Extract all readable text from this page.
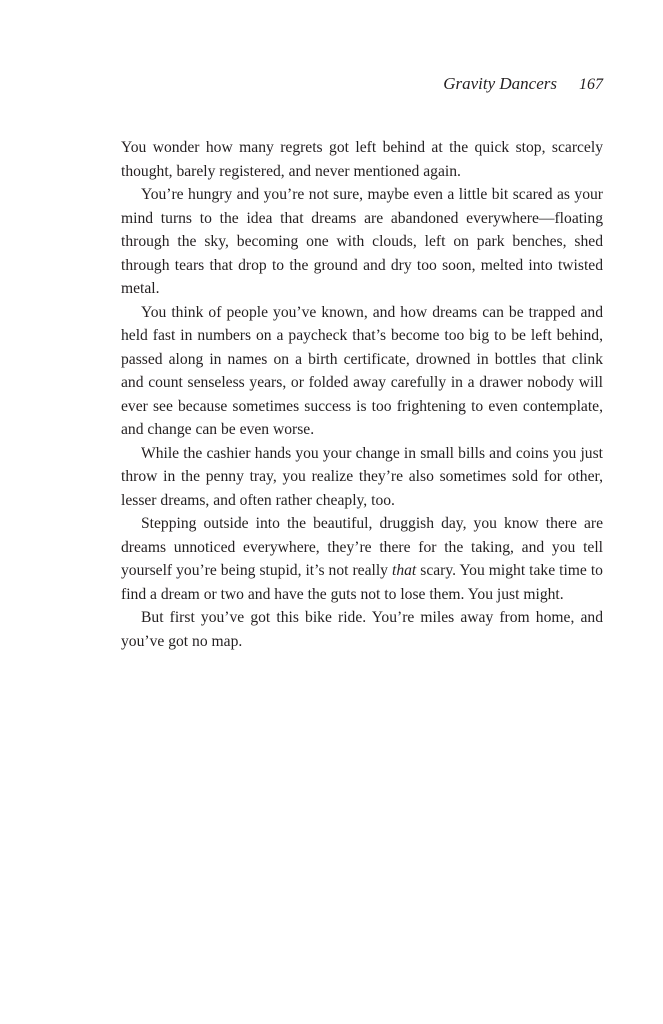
Gravity Dancers 167

You wonder how many regrets got left behind at the quick stop, scarcely thought, barely registered, and never mentioned again.

You’re hungry and you’re not sure, maybe even a little bit scared as your mind turns to the idea that dreams are abandoned everywhere—floating through the sky, becoming one with clouds, left on park benches, shed through tears that drop to the ground and dry too soon, melted into twisted metal.

You think of people you’ve known, and how dreams can be trapped and held fast in numbers on a paycheck that’s become too big to be left behind, passed along in names on a birth certificate, drowned in bottles that clink and count senseless years, or folded away carefully in a drawer nobody will ever see because sometimes success is too frightening to even contemplate, and change can be even worse.

While the cashier hands you your change in small bills and coins you just throw in the penny tray, you realize they’re also sometimes sold for other, lesser dreams, and often rather cheaply, too.

Stepping outside into the beautiful, druggish day, you know there are dreams unnoticed everywhere, they’re there for the taking, and you tell yourself you’re being stupid, it’s not really that scary. You might take time to find a dream or two and have the guts not to lose them. You just might.

But first you’ve got this bike ride. You’re miles away from home, and you’ve got no map.
